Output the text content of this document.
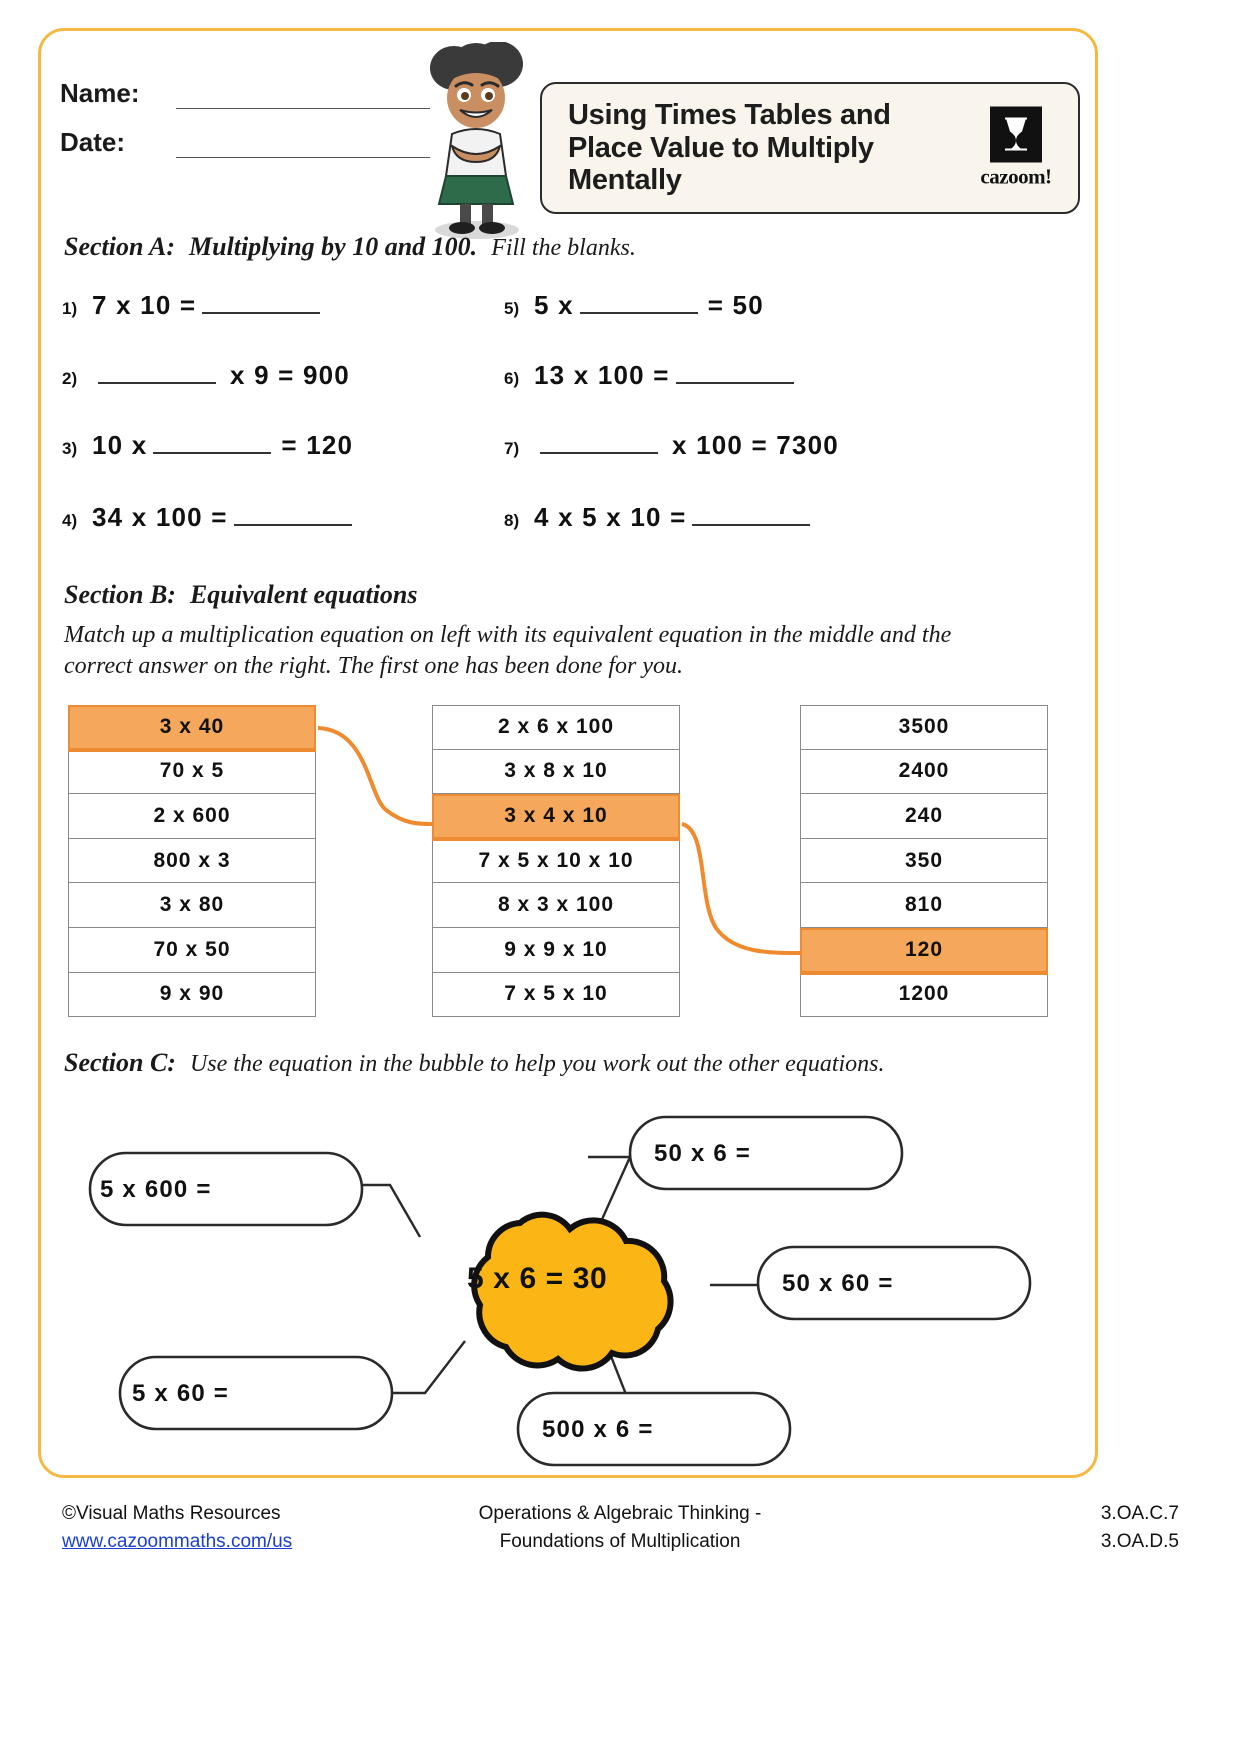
Name:
Date:
Using Times Tables and Place Value to Multiply Mentally	cazoom!
Section A: Multiplying by 10 and 100. Fill the blanks.
1) 7 x 10 =
2)	x 9 = 900
3) 10 x	= 120
4) 34 x 100 =
5) 5 x	= 50
6) 13 x 100 =
7)	x 100 = 7300
8) 4 x 5 x 10 =
Section B: Equivalent equations
Match up a multiplication equation on left with its equivalent equation in the middle and the correct answer on the right. The first one has been done for you.
3 x 40
70 x 5
2 x 600
800 x 3
3 x 80
70 x 50
9 x 90
2 x 6 x 100
3 x 8 x 10
3 x 4 x 10
7 x 5 x 10 x 10
8 x 3 x 100
9 x 9 x 10
7 x 5 x 10
3500
2400
240
350
810
120
1200
Section C: Use the equation in the bubble to help you work out the other equations.
5 x 600 =
50 x 6 =
50 x 60 =
5 x 60 =
500 x 6 =
5 x 6 = 30
©Visual Maths Resources
www.cazoommaths.com/us
Operations & Algebraic Thinking -
Foundations of Multiplication
3.OA.C.7
3.OA.D.5
